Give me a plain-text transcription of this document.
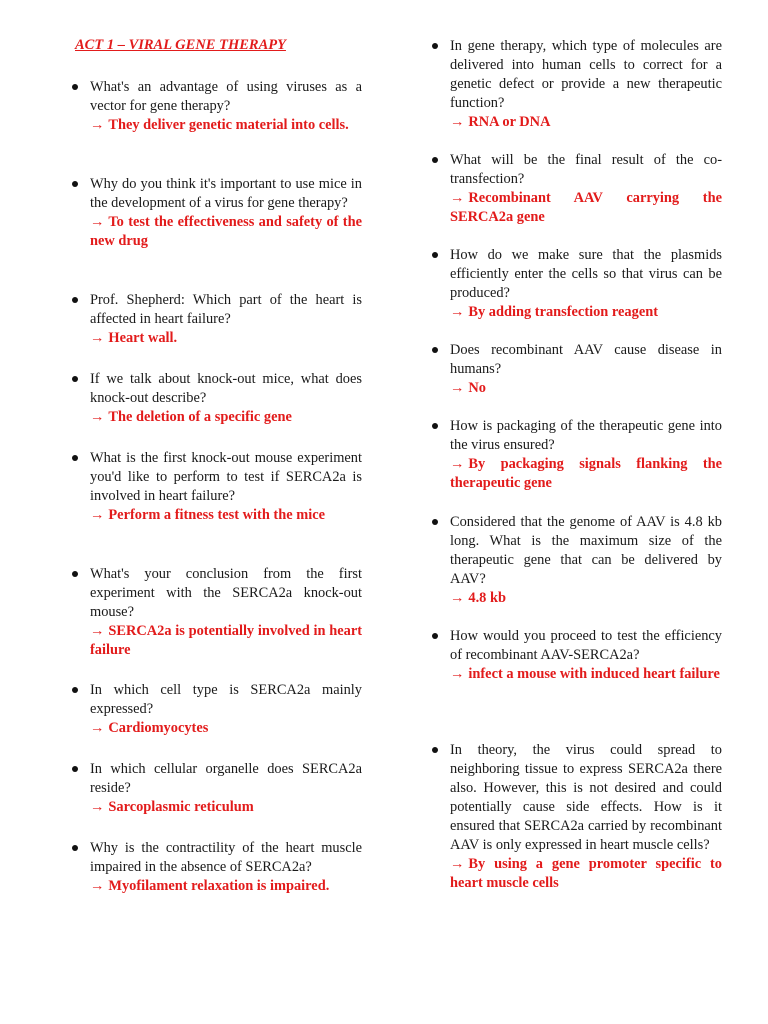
ACT 1 – VIRAL GENE THERAPY

What's an advantage of using viruses as a vector for gene therapy?

→ They deliver genetic material into cells.

Why do you think it's important to use mice in the development of a virus for gene therapy?

→ To test the effectiveness and safety of the new drug

Prof. Shepherd: Which part of the heart is affected in heart failure?

→ Heart wall.

If we talk about knock-out mice, what does knock-out describe?

→ The deletion of a specific gene

What is the first knock-out mouse experiment you'd like to perform to test if SERCA2a is involved in heart failure?

→ Perform a fitness test with the mice

What's your conclusion from the first experiment with the SERCA2a knock-out mouse?

→ SERCA2a is potentially involved in heart failure

In which cell type is SERCA2a mainly expressed?

→ Cardiomyocytes

In which cellular organelle does SERCA2a reside?

→ Sarcoplasmic reticulum

Why is the contractility of the heart muscle impaired in the absence of SERCA2a?

→ Myofilament relaxation is impaired.

In gene therapy, which type of molecules are delivered into human cells to correct for a genetic defect or provide a new therapeutic function?

→ RNA or DNA

What will be the final result of the co-transfection?

→ Recombinant AAV carrying the SERCA2a gene

How do we make sure that the plasmids efficiently enter the cells so that virus can be produced?

→ By adding transfection reagent

Does recombinant AAV cause disease in humans?

→ No

How is packaging of the therapeutic gene into the virus ensured?

→ By packaging signals flanking the therapeutic gene

Considered that the genome of AAV is 4.8 kb long. What is the maximum size of the therapeutic gene that can be delivered by AAV?

→ 4.8 kb

How would you proceed to test the efficiency of recombinant AAV-SERCA2a?

→ infect a mouse with induced heart failure

In theory, the virus could spread to neighboring tissue to express SERCA2a there also. However, this is not desired and could potentially cause side effects. How is it ensured that SERCA2a carried by recombinant AAV is only expressed in heart muscle cells?

→ By using a gene promoter specific to heart muscle cells
